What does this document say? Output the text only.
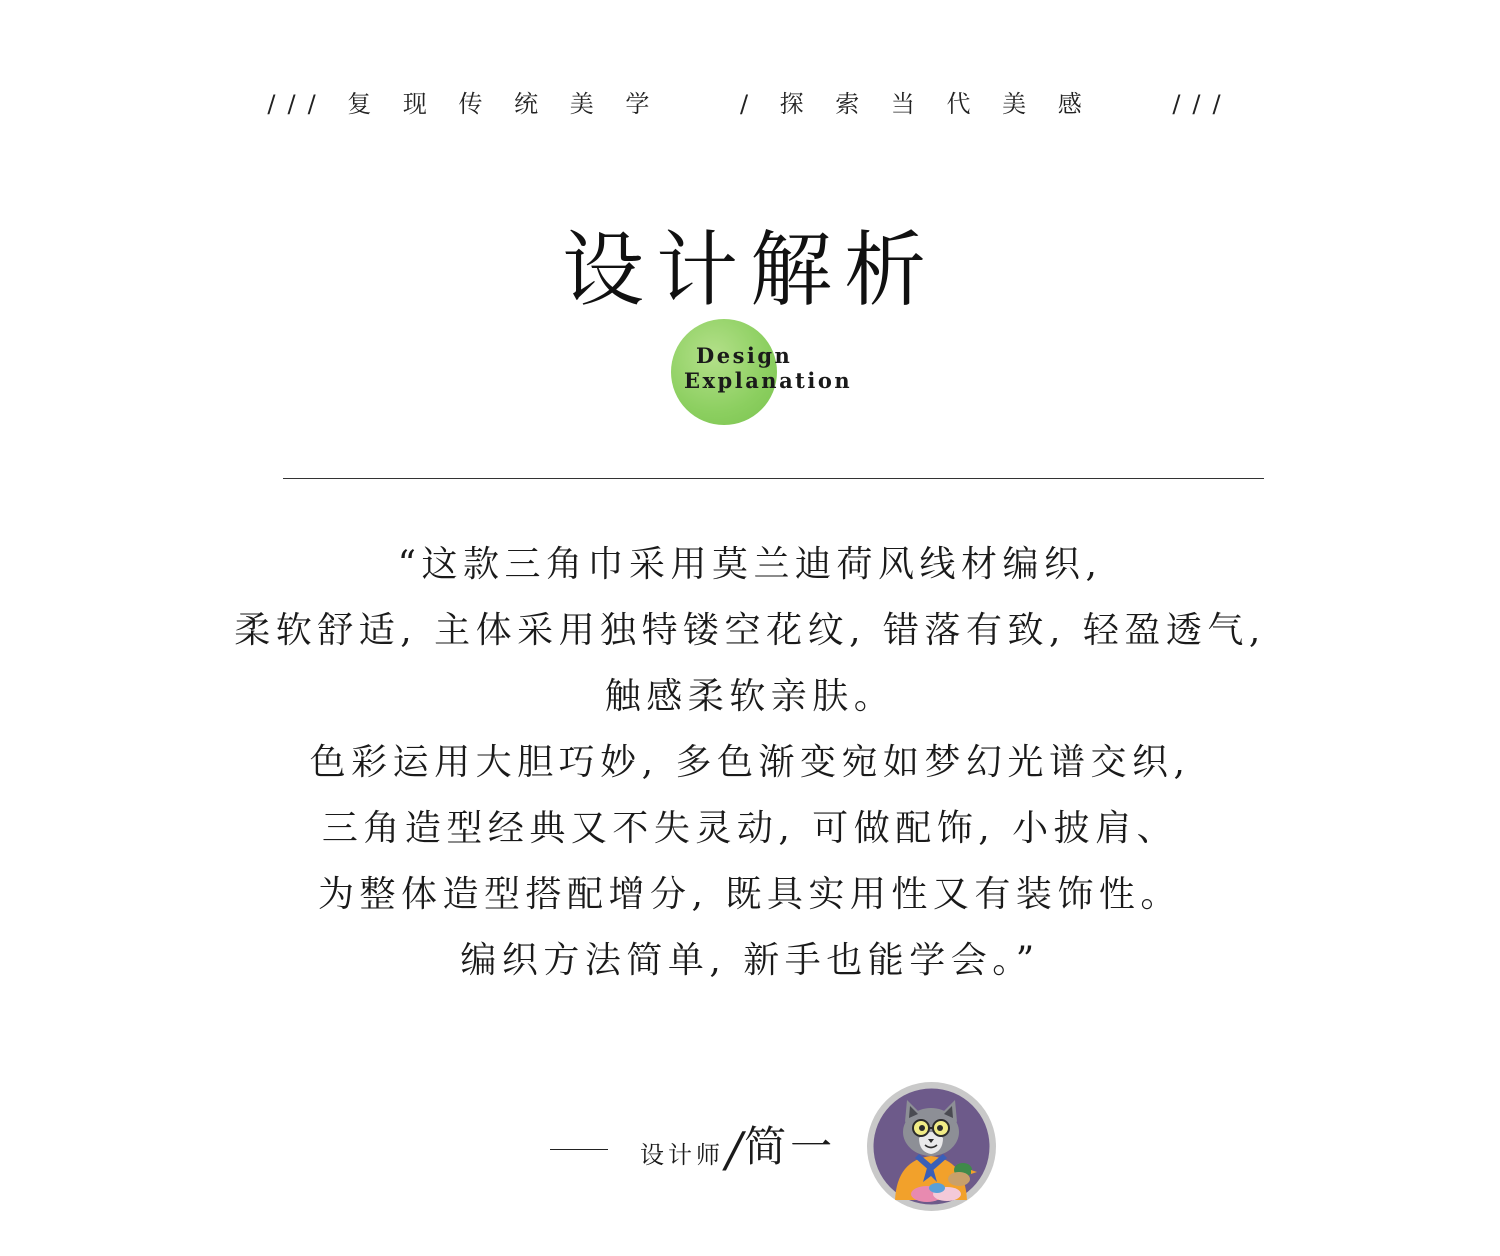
/// 复 现 传 统 美 学    / 探 索 当 代 美 感    ///
设计解析
Design
Explanation
“这款三角巾采用莫兰迪荷风线材编织,
柔软舒适, 主体采用独特镂空花纹, 错落有致, 轻盈透气,
触感柔软亲肤。
色彩运用大胆巧妙, 多色渐变宛如梦幻光谱交织,
三角造型经典又不失灵动, 可做配饰, 小披肩、
为整体造型搭配增分, 既具实用性又有装饰性。
编织方法简单, 新手也能学会。”
设计师 / 简一
